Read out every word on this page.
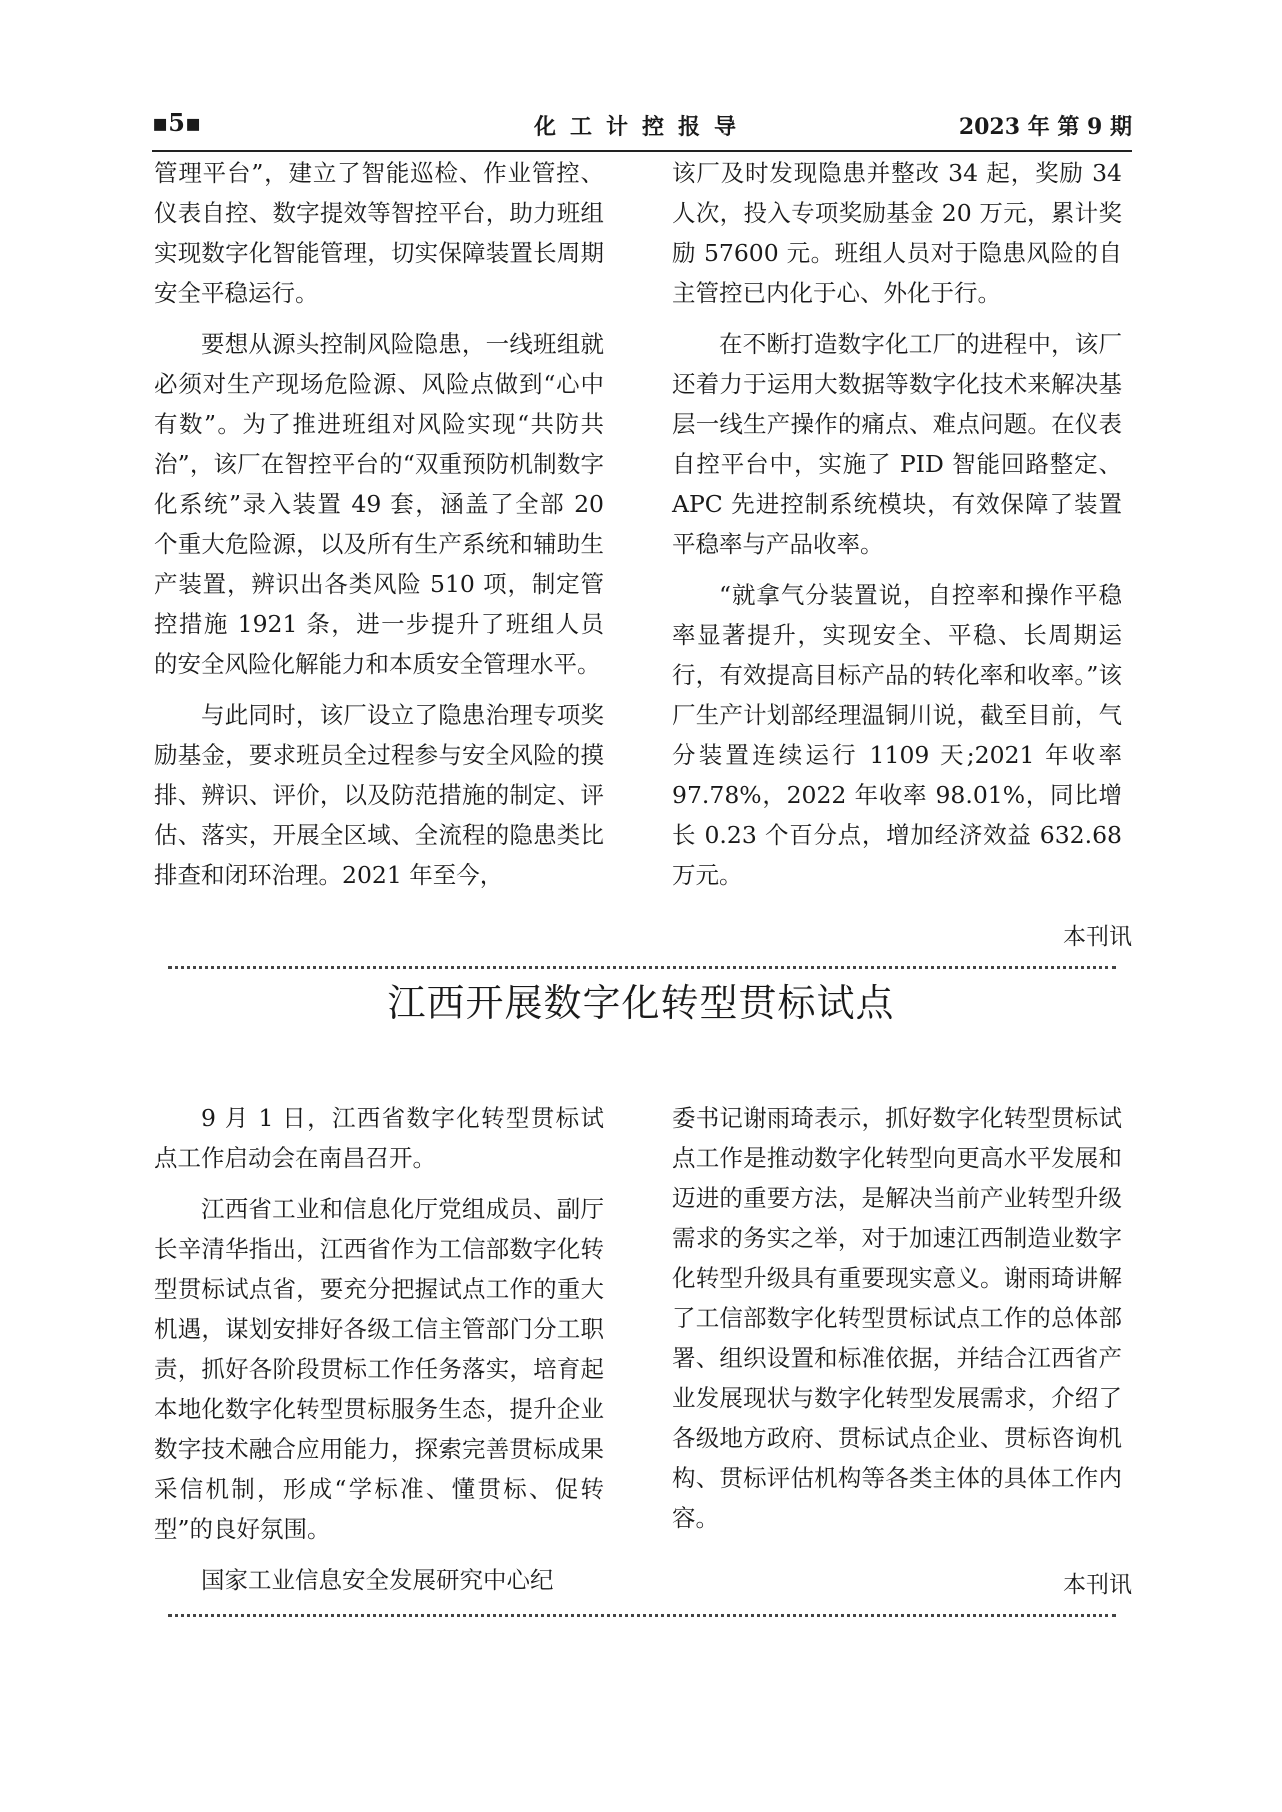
▪5▪	化工计控报导	2023 年 第 9 期

管理平台”，建立了智能巡检、作业管控、仪表自控、数字提效等智控平台，助力班组实现数字化智能管理，切实保障装置长周期安全平稳运行。

要想从源头控制风险隐患，一线班组就必须对生产现场危险源、风险点做到“心中有数”。为了推进班组对风险实现“共防共治”，该厂在智控平台的“双重预防机制数字化系统”录入装置 49 套，涵盖了全部 20 个重大危险源，以及所有生产系统和辅助生产装置，辨识出各类风险 510 项，制定管控措施 1921 条，进一步提升了班组人员的安全风险化解能力和本质安全管理水平。

与此同时，该厂设立了隐患治理专项奖励基金，要求班员全过程参与安全风险的摸排、辨识、评价，以及防范措施的制定、评估、落实，开展全区域、全流程的隐患类比排查和闭环治理。2021 年至今，

该厂及时发现隐患并整改 34 起，奖励 34 人次，投入专项奖励基金 20 万元，累计奖励 57600 元。班组人员对于隐患风险的自主管控已内化于心、外化于行。

在不断打造数字化工厂的进程中，该厂还着力于运用大数据等数字化技术来解决基层一线生产操作的痛点、难点问题。在仪表自控平台中，实施了 PID 智能回路整定、APC 先进控制系统模块，有效保障了装置平稳率与产品收率。

“就拿气分装置说，自控率和操作平稳率显著提升，实现安全、平稳、长周期运行，有效提高目标产品的转化率和收率。”该厂生产计划部经理温铜川说，截至目前，气分装置连续运行 1109 天;2021 年收率 97.78%，2022 年收率 98.01%，同比增长 0.23 个百分点，增加经济效益 632.68 万元。

本刊讯
江西开展数字化转型贯标试点

9 月 1 日，江西省数字化转型贯标试点工作启动会在南昌召开。

江西省工业和信息化厅党组成员、副厅长辛清华指出，江西省作为工信部数字化转型贯标试点省，要充分把握试点工作的重大机遇，谋划安排好各级工信主管部门分工职责，抓好各阶段贯标工作任务落实，培育起本地化数字化转型贯标服务生态，提升企业数字技术融合应用能力，探索完善贯标成果采信机制，形成“学标准、懂贯标、促转型”的良好氛围。

国家工业信息安全发展研究中心纪

委书记谢雨琦表示，抓好数字化转型贯标试点工作是推动数字化转型向更高水平发展和迈进的重要方法，是解决当前产业转型升级需求的务实之举，对于加速江西制造业数字化转型升级具有重要现实意义。谢雨琦讲解了工信部数字化转型贯标试点工作的总体部署、组织设置和标准依据，并结合江西省产业发展现状与数字化转型发展需求，介绍了各级地方政府、贯标试点企业、贯标咨询机构、贯标评估机构等各类主体的具体工作内容。

本刊讯
